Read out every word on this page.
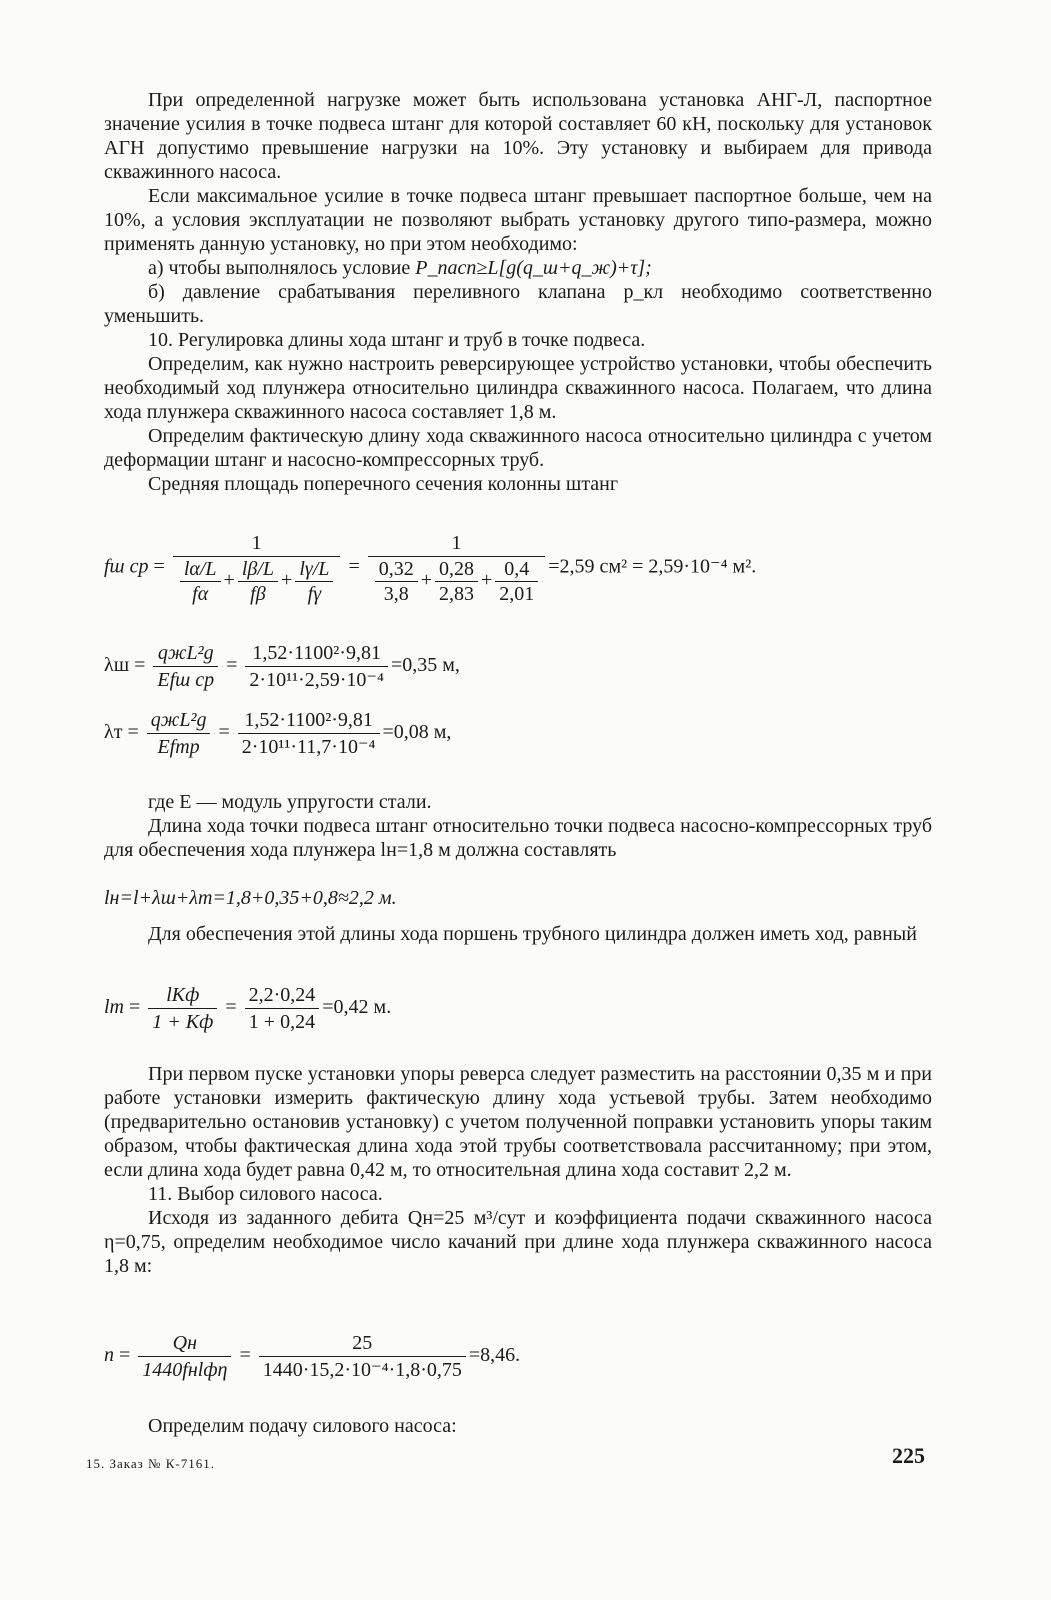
При определенной нагрузке может быть использована установка АНГ-Л, паспортное значение усилия в точке подвеса штанг для которой составляет 60 кН, поскольку для установок АГН допустимо превышение нагрузки на 10%. Эту установку и выбираем для привода скважинного насоса.

Если максимальное усилие в точке подвеса штанг превышает паспортное больше, чем на 10%, а условия эксплуатации не позволяют выбрать установку другого типо-размера, можно применять данную установку, но при этом необходимо:

а) чтобы выполнялось условие P_пасп≥L[g(q_ш+q_ж)+τ];

б) давление срабатывания переливного клапана p_кл необходимо соответственно уменьшить.

10. Регулировка длины хода штанг и труб в точке подвеса.

Определим, как нужно настроить реверсирующее устройство установки, чтобы обеспечить необходимый ход плунжера относительно цилиндра скважинного насоса. Полагаем, что длина хода плунжера скважинного насоса составляет 1,8 м.

Определим фактическую длину хода скважинного насоса относительно цилиндра с учетом деформации штанг и насосно-компрессорных труб.

Средняя площадь поперечного сечения колонны штанг

fш ср = $\frac{1}{\frac{l\alpha/L}{f\alpha} + \frac{l\beta/L}{f\beta} + \frac{l\gamma/L}{f\gamma}} = \frac{1}{\frac{0,32}{3,8} + \frac{0,28}{2,83} + \frac{0,4}{2,01}} =2,59$ см² = 2,59·10⁻⁴ м².
$\lambda ш = \frac{\text{qжL²g}}{\text{Efш ср}} = \frac{\text{1,52·1100²·9,81}}{\text{2·10¹¹·2,59·10⁻⁴}} =0,35$ м,
$\lambda т = \frac{\text{qжL²g}}{\text{Efтр}} = \frac{\text{1,52·1100²·9,81}}{\text{2·10¹¹·11,7·10⁻⁴}} =0,08$ м,

где E — модуль упругости стали.

Длина хода точки подвеса штанг относительно точки подвеса насосно-компрессорных труб для обеспечения хода плунжера lн=1,8 м должна составлять

lн=l+λш+λт=1,8+0,35+0,8≈2,2 м.

Для обеспечения этой длины хода поршень трубного цилиндра должен иметь ход, равный

lт = $\frac{\text{lKф}}{1 + Kф} = \frac{2,2\cdot 0,24}{1 + 0,24} =0,42$ м.

При первом пуске установки упоры реверса следует разместить на расстоянии 0,35 м и при работе установки измерить фактическую длину хода устьевой трубы. Затем необходимо (предварительно остановив установку) с учетом полученной поправки установить упоры таким образом, чтобы фактическая длина хода этой трубы соответствовала рассчитанному; при этом, если длина хода будет равна 0,42 м, то относительная длина хода составит 2,2 м.

11. Выбор силового насоса.

Исходя из заданного дебита Qн=25 м³/сут и коэффициента подачи скважинного насоса η=0,75, определим необходимое число качаний при длине хода плунжера скважинного насоса 1,8 м:

$n = \frac{Qн}{\text{1440fнlфη}} = \frac{25}{\text{1440·15,2·10⁻⁴·1,8·0,75}} =8,46$.

Определим подачу силового насоса:

15. Заказ № К-7161.	225
